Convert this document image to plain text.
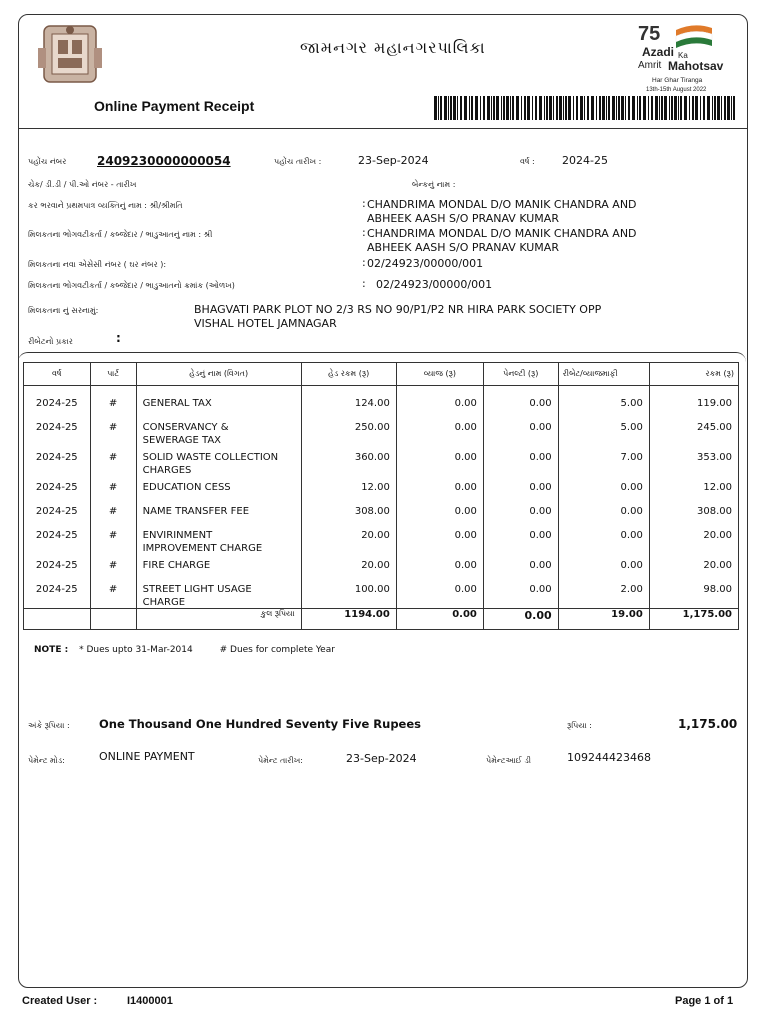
જામનગર મહાનગરપાલિકા
Online Payment Receipt
75
Azadi Ka
Amrit Mahotsav
Har Ghar Tiranga
13th-15th August 2022
પહોંચ નંબર	2409230000000054	પહોંચ તારીખ :	23-Sep-2024	વર્ષ : 2024-25
ચેક/ ડી.ડી / પી.ઓ નંબર - તારીખ	બેન્કનું નામ :
કર ભરવાને પ્રથમપાત્ર વ્યક્તિનું નામ : શ્રી/શ્રીમતિ	: CHANDRIMA MONDAL D/O MANIK CHANDRA AND
ABHEEK AASH S/O PRANAV KUMAR
મિલકતના ભોગવટીકર્તા / કબ્જેદાર / ભાડુઆતનું નામ : શ્રી	: CHANDRIMA MONDAL D/O MANIK CHANDRA AND
ABHEEK AASH S/O PRANAV KUMAR
મિલકતના નવા એસેસી નંબર ( ઘર નંબર ):	: 02/24923/00000/001
મિલકતના ભોગવટીકર્તા / કબ્જેદાર / ભાડુઆતનો ક્રમાંક (ઓળખ)	: 02/24923/00000/001
મિલકતના નું સરનામું:	BHAGVATI PARK PLOT NO 2/3 RS NO 90/P1/P2 NR HIRA PARK SOCIETY OPP
VISHAL HOTEL JAMNAGAR
રીબેટનો પ્રકાર	:
વર્ષ	પાર્ટ	હેડનું નામ (વિગત)	હેડ રકમ (રૂ)	વ્યાજ (રૂ)	પેનલ્ટી (રૂ)	રીબેટ/વ્યાજમાફી	રકમ (રૂ)
2024-25	#	GENERAL TAX	124.00	0.00	0.00	5.00	119.00
2024-25	#	CONSERVANCY &
SEWERAGE TAX	250.00	0.00	0.00	5.00	245.00
2024-25	#	SOLID WASTE COLLECTION
CHARGES	360.00	0.00	0.00	7.00	353.00
2024-25	#	EDUCATION CESS	12.00	0.00	0.00	0.00	12.00
2024-25	#	NAME TRANSFER FEE	308.00	0.00	0.00	0.00	308.00
2024-25	#	ENVIRINMENT
IMPROVEMENT CHARGE	20.00	0.00	0.00	0.00	20.00
2024-25	#	FIRE CHARGE	20.00	0.00	0.00	0.00	20.00
2024-25	#	STREET LIGHT USAGE
CHARGE	100.00	0.00	0.00	2.00	98.00
		કુલ રૂપિયા	1194.00	0.00	0.00	19.00	1,175.00
NOTE : * Dues upto 31-Mar-2014	# Dues for complete Year
અંકે રૂપિયા :	One Thousand One Hundred Seventy Five Rupees	રૂપિયા :	1,175.00
પેમેન્ટ મોડ:	ONLINE PAYMENT	પેમેન્ટ તારીખ:	23-Sep-2024	પેમેન્ટઆઈ ડી	109244423468
Created User :	I1400001	Page 1 of 1
